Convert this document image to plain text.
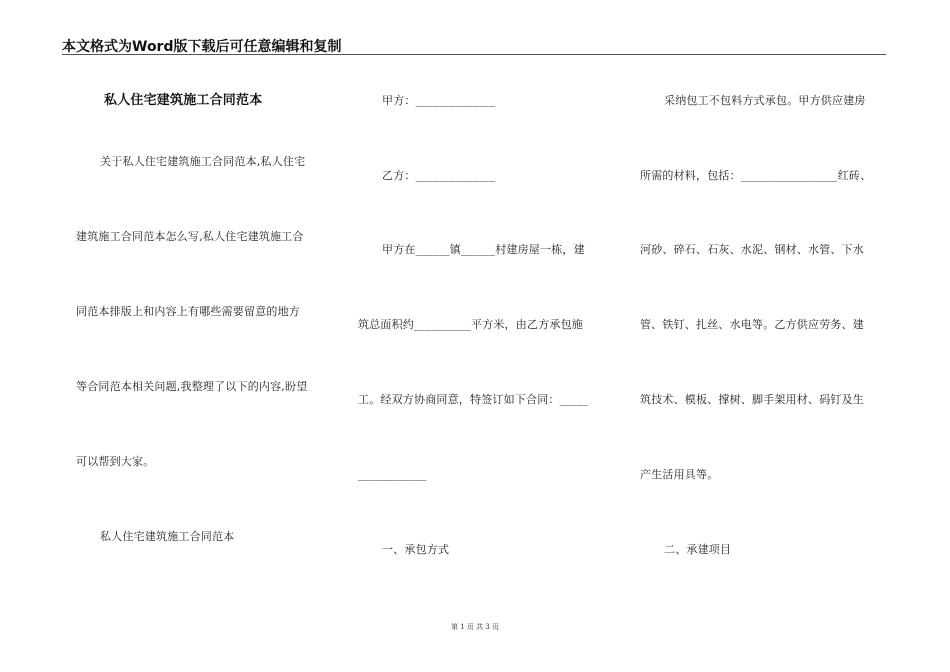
本文格式为Word版下载后可任意编辑和复制
私人住宅建筑施工合同范本
关于私人住宅建筑施工合同范本,私人住宅
建筑施工合同范本怎么写,私人住宅建筑施工合
同范本排版上和内容上有哪些需要留意的地方
等合同范本相关问题,我整理了以下的内容,盼望
可以帮到大家。
私人住宅建筑施工合同范本
甲方：______________
乙方：______________
甲方在______镇______村建房屋一栋，建
筑总面积约__________平方米，由乙方承包施
工。经双方协商同意，特签订如下合同：_____
____________
一、承包方式
采纳包工不包料方式承包。甲方供应建房
所需的材料，包括：_________________红砖、
河砂、碎石、石灰、水泥、钢材、水管、下水
管、铁钉、扎丝、水电等。乙方供应劳务、建
筑技术、模板、撑树、脚手架用材、码钉及生
产生活用具等。
二、承建项目
第 1 页 共 3 页
